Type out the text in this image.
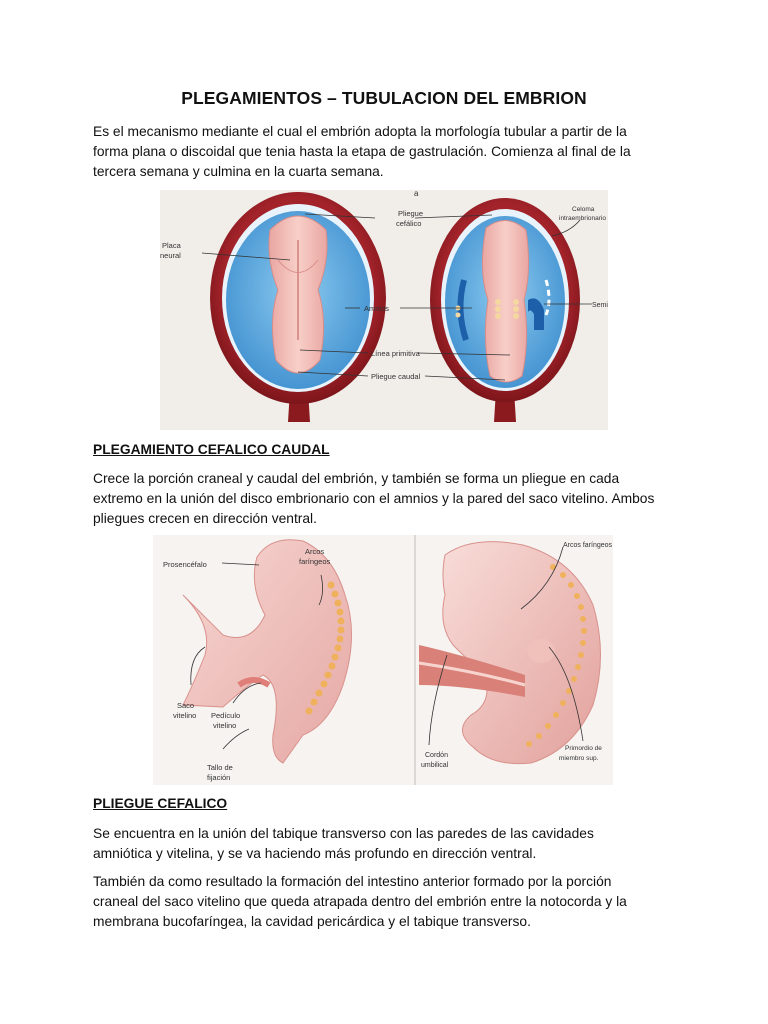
PLEGAMIENTOS – TUBULACION DEL EMBRION

Es el mecanismo mediante el cual el embrión adopta la morfología tubular a partir de la forma plana o discoidal que tenia hasta la etapa de gastrulación. Comienza al final de la tercera semana y culmina en la cuarta semana.

a
Placa
neural
Pliegue
cefálico
Amnios
Línea primitiva
Pliegue caudal
Celoma
intraembrionario
Semi

PLEGAMIENTO CEFALICO CAUDAL

Crece la porción craneal y caudal del embrión, y también se forma un pliegue en cada extremo en la unión del disco embrionario con el amnios y la pared del saco vitelino. Ambos pliegues crecen en dirección ventral.

Prosencéfalo
Arcos
faríngeos
Saco
vitelino Pedículo
vitelino
Tallo de
fijación
Arcos faríngeos
Cordón
umbilical
Primordio de
miembro sup.

PLIEGUE CEFALICO

Se encuentra en la unión del tabique transverso con las paredes de las cavidades amniótica y vitelina, y se va haciendo más profundo en dirección ventral.

También da como resultado la formación del intestino anterior formado por la porción craneal del saco vitelino que queda atrapada dentro del embrión entre la notocorda y la membrana bucofaríngea, la cavidad pericárdica y el tabique transverso.
